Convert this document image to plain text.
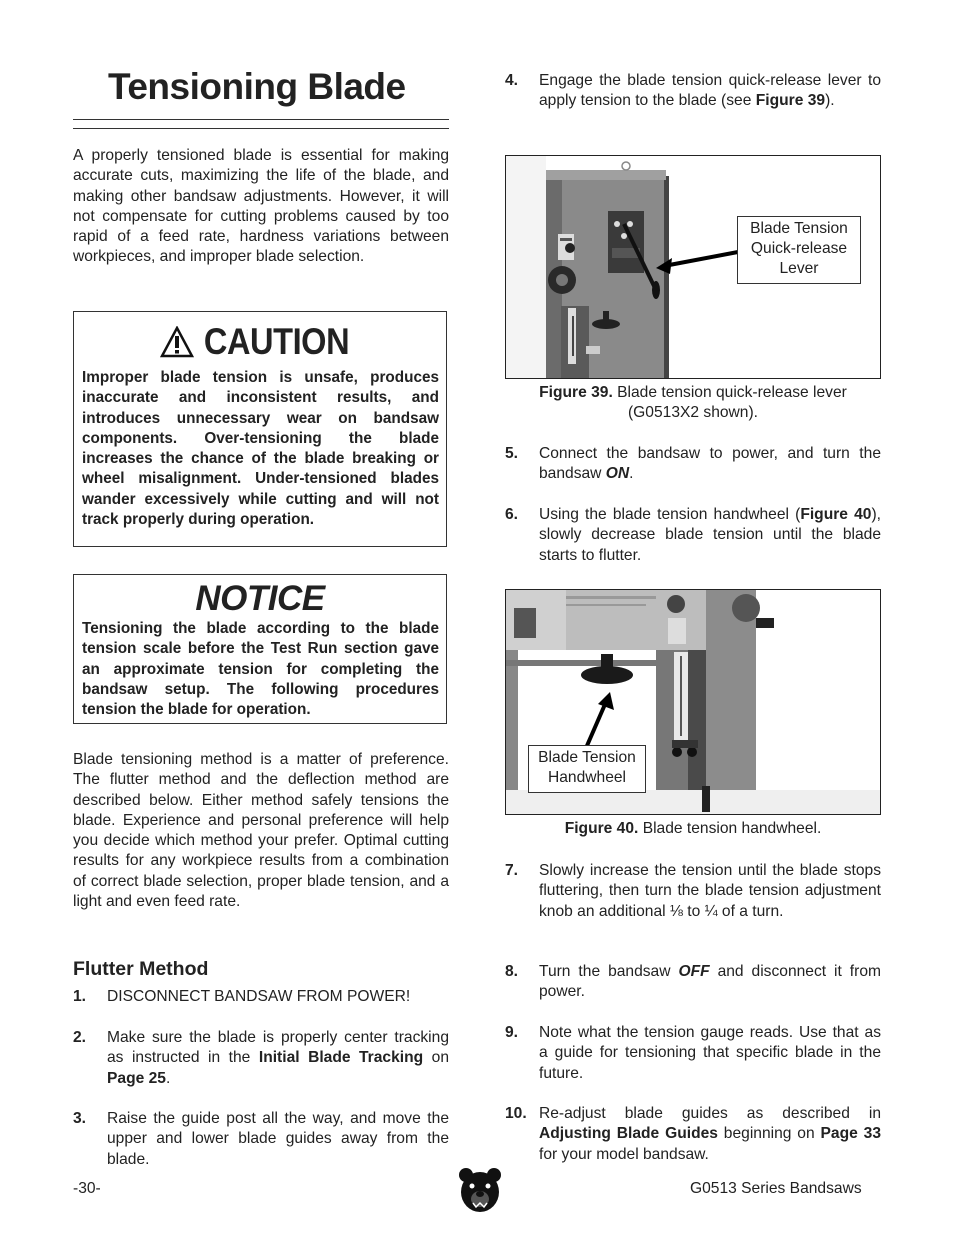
Tensioning Blade

A properly tensioned blade is essential for making accurate cuts, maximizing the life of the blade, and making other bandsaw adjustments. However, it will not compensate for cutting problems caused by too rapid of a feed rate, hardness variations between workpieces, and improper blade selection.

CAUTION
Improper blade tension is unsafe, produces inaccurate and inconsistent results, and introduces unnecessary wear on bandsaw components. Over-tensioning the blade increases the chance of the blade breaking or wheel misalignment. Under-tensioned blades wander excessively while cutting and will not track properly during operation.
NOTICE
Tensioning the blade according to the blade tension scale before the Test Run section gave an approximate tension for completing the bandsaw setup. The following procedures tension the blade for operation.

Blade tensioning method is a matter of preference. The flutter method and the deflection method are described below. Either method safely tensions the blade. Experience and personal preference will help you decide which method your prefer. Optimal cutting results for any workpiece results from a combination of correct blade selection, proper blade tension, and a light and even feed rate.

Flutter Method
1.	DISCONNECT BANDSAW FROM POWER!
2.	Make sure the blade is properly center tracking as instructed in the Initial Blade Tracking on Page 25.
3.	Raise the guide post all the way, and move the upper and lower blade guides away from the blade.
4.	Engage the blade tension quick-release lever to apply tension to the blade (see Figure 39).
Blade Tension
Quick-release
Lever
Figure 39. Blade tension quick-release lever
(G0513X2 shown).
5.	Connect the bandsaw to power, and turn the bandsaw ON.
6.	Using the blade tension handwheel (Figure 40), slowly decrease blade tension until the blade starts to flutter.
Blade Tension
Handwheel
Figure 40. Blade tension handwheel.
7.	Slowly increase the tension until the blade stops fluttering, then turn the blade tension adjustment knob an additional ⅛ to ¼ of a turn.
8.	Turn the bandsaw OFF and disconnect it from power.
9.	Note what the tension gauge reads. Use that as a guide for tensioning that specific blade in the future.
10. Re-adjust blade guides as described in Adjusting Blade Guides beginning on Page 33 for your model bandsaw.
-30-	G0513 Series Bandsaws
